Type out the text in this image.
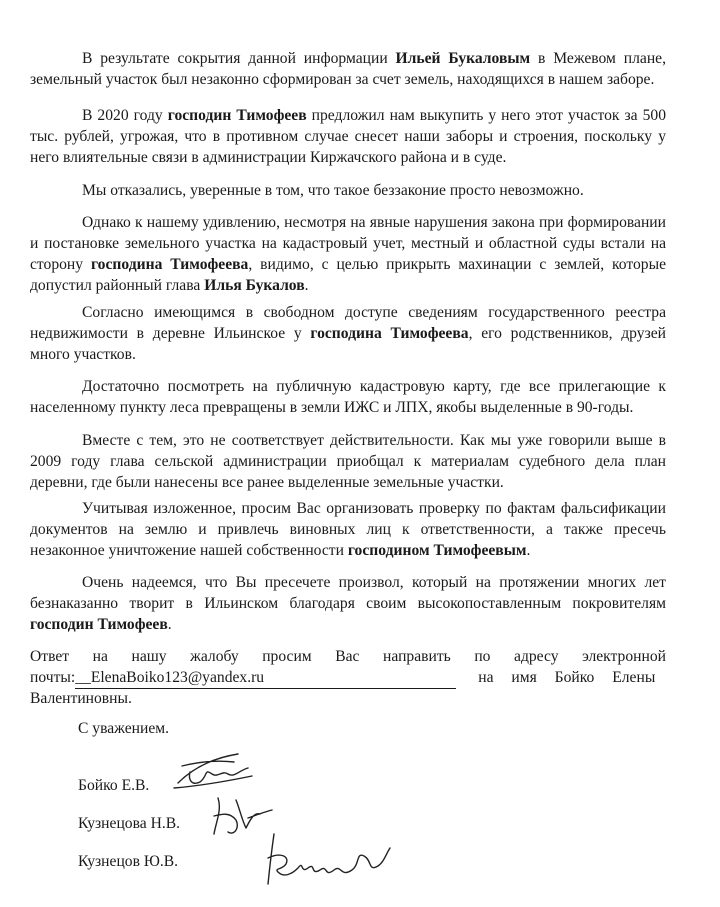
В результате сокрытия данной информации Ильей Букаловым в Межевом плане, земельный участок был незаконно сформирован за счет земель, находящихся в нашем заборе.

В 2020 году господин Тимофеев предложил нам выкупить у него этот участок за 500 тыс. рублей, угрожая, что в противном случае снесет наши заборы и строения, поскольку у него влиятельные связи в администрации Киржачского района и в суде.

Мы отказались, уверенные в том, что такое беззаконие просто невозможно.

Однако к нашему удивлению, несмотря на явные нарушения закона при формировании и постановке земельного участка на кадастровый учет, местный и областной суды встали на сторону господина Тимофеева, видимо, с целью прикрыть махинации с землей, которые допустил районный глава Илья Букалов.

Согласно имеющимся в свободном доступе сведениям государственного реестра недвижимости в деревне Ильинское у господина Тимофеева, его родственников, друзей много участков.

Достаточно посмотреть на публичную кадастровую карту, где все прилегающие к населенному пункту леса превращены в земли ИЖС и ЛПХ, якобы выделенные в 90-годы.

Вместе с тем, это не соответствует действительности. Как мы уже говорили выше в 2009 году глава сельской администрации приобщал к материалам судебного дела план деревни, где были нанесены все ранее выделенные земельные участки.

Учитывая изложенное, просим Вас организовать проверку по фактам фальсификации документов на землю и привлечь виновных лиц к ответственности, а также пресечь незаконное уничтожение нашей собственности господином Тимофеевым.

Очень надеемся, что Вы пресечете произвол, который на протяжении многих лет безнаказанно творит в Ильинском благодаря своим высокопоставленным покровителям господин Тимофеев.

Ответ на нашу жалобу просим Вас направить по адресу электронной
почты:__ElenaBoiko123@yandex.ru	на имя Бойко Елены
Валентиновны.
С уважением.
Бойко Е.В.
Кузнецова Н.В.
Кузнецов Ю.В.
